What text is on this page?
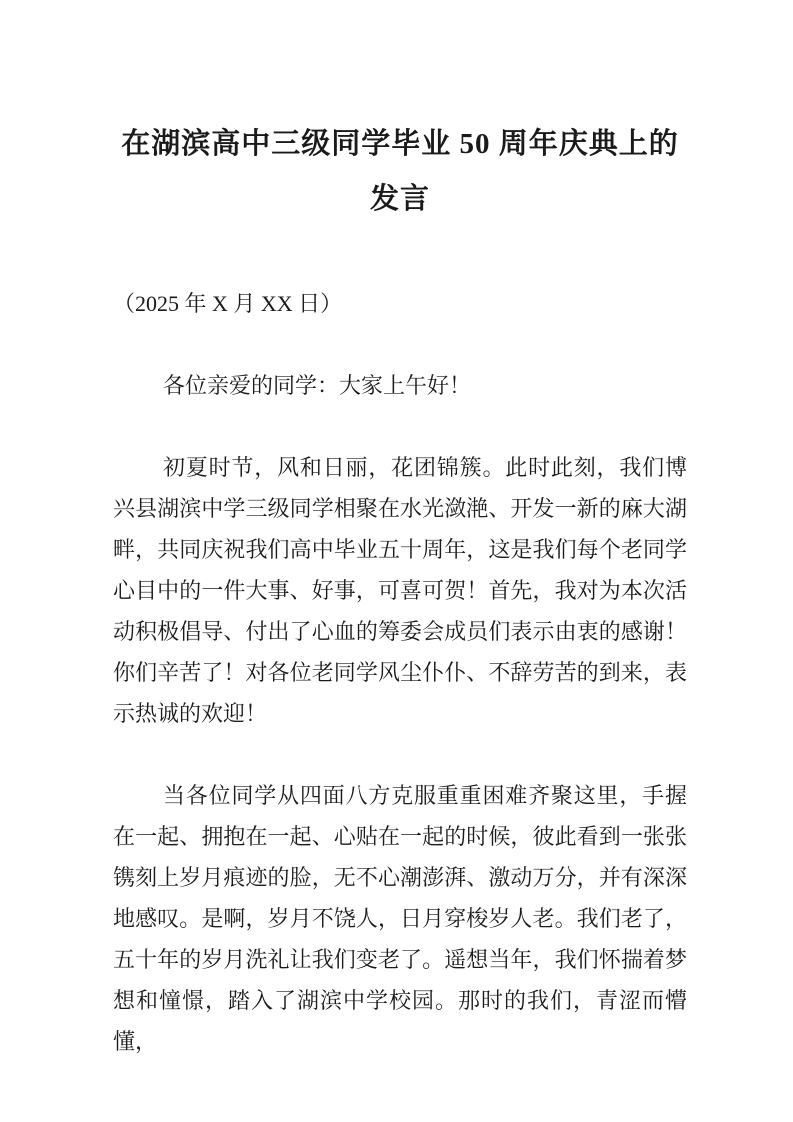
在湖滨高中三级同学毕业 50 周年庆典上的
发言

（2025 年 X 月 XX 日）

各位亲爱的同学：大家上午好！

初夏时节，风和日丽，花团锦簇。此时此刻，我们博兴县湖滨中学三级同学相聚在水光潋滟、开发一新的麻大湖畔，共同庆祝我们高中毕业五十周年，这是我们每个老同学心目中的一件大事、好事，可喜可贺！首先，我对为本次活动积极倡导、付出了心血的筹委会成员们表示由衷的感谢！你们辛苦了！对各位老同学风尘仆仆、不辞劳苦的到来，表示热诚的欢迎！

当各位同学从四面八方克服重重困难齐聚这里，手握在一起、拥抱在一起、心贴在一起的时候，彼此看到一张张镌刻上岁月痕迹的脸，无不心潮澎湃、激动万分，并有深深地感叹。是啊，岁月不饶人，日月穿梭岁人老。我们老了，五十年的岁月洗礼让我们变老了。遥想当年，我们怀揣着梦想和憧憬，踏入了湖滨中学校园。那时的我们，青涩而懵懂，
